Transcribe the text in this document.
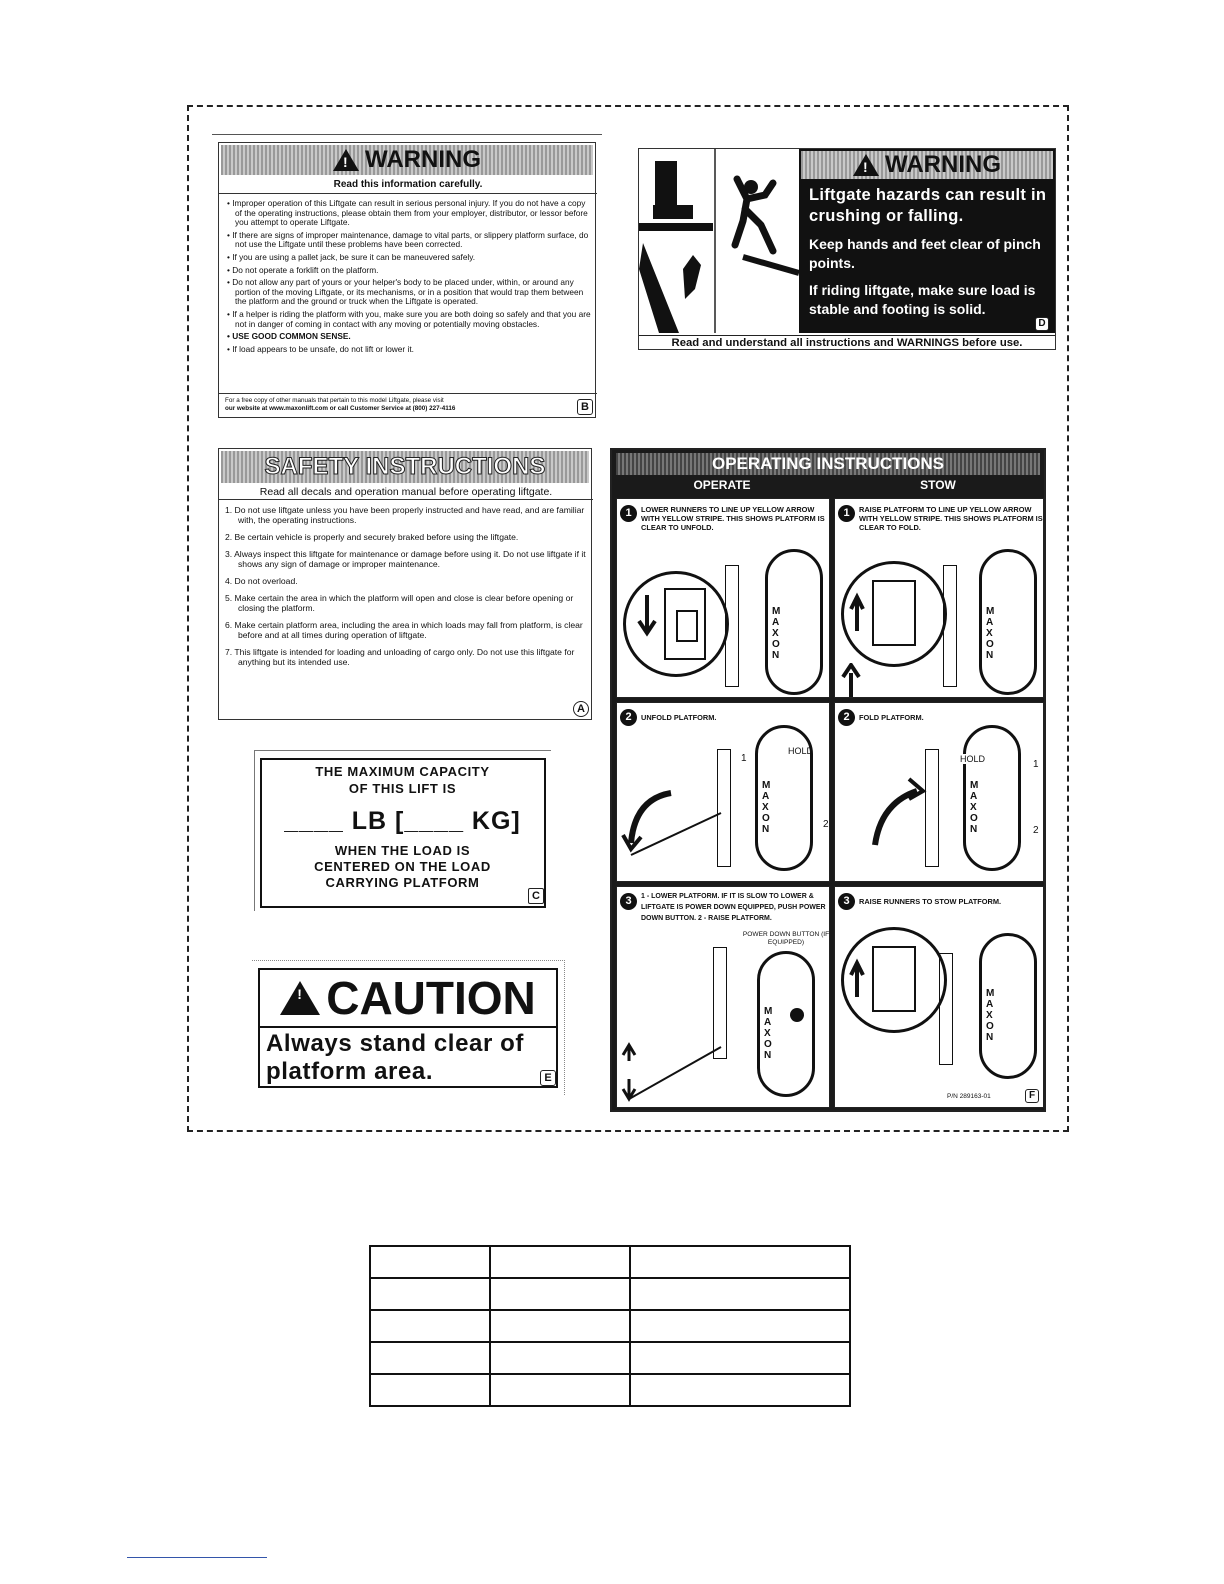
!
WARNING
Read this information carefully.
• Improper operation of this Liftgate can result in serious personal injury. If you do not have a copy of the operating instructions, please obtain them from your employer, distributor, or lessor before you attempt to operate Liftgate.
• If there are signs of improper maintenance, damage to vital parts, or slippery platform surface, do not use the Liftgate until these problems have been corrected.
• If you are using a pallet jack, be sure it can be maneuvered safely.
• Do not operate a forklift on the platform.
• Do not allow any part of yours or your helper's body to be placed under, within, or around any portion of the moving Liftgate, or its mechanisms, or in a position that would trap them between the platform and the ground or truck when the Liftgate is operated.
• If a helper is riding the platform with you, make sure you are both doing so safely and that you are not in danger of coming in contact with any moving or potentially moving obstacles.
• USE GOOD COMMON SENSE.
• If load appears to be unsafe, do not lift or lower it.
For a free copy of other manuals that pertain to this model Liftgate, please visit
our website at www.maxonlift.com or call Customer Service at (800) 227-4116	B
!
WARNING
Liftgate hazards can result in crushing or falling.
Keep hands and feet clear of pinch points.
If riding liftgate, make sure load is stable and footing is solid.
D
Read and understand all instructions and WARNINGS before use.
SAFETY INSTRUCTIONS
Read all decals and operation manual before operating liftgate.
1. Do not use liftgate unless you have been properly instructed and have read, and are familiar with, the operating instructions.
2. Be certain vehicle is properly and securely braked before using the liftgate.
3. Always inspect this liftgate for maintenance or damage before using it. Do not use liftgate if it shows any sign of damage or improper maintenance.
4. Do not overload.
5. Make certain the area in which the platform will open and close is clear before opening or closing the platform.
6. Make certain platform area, including the area in which loads may fall from platform, is clear before and at all times during operation of liftgate.
7. This liftgate is intended for loading and unloading of cargo only. Do not use this liftgate for anything but its intended use.
A
THE MAXIMUM CAPACITY
OF THIS LIFT IS
____ LB [____ KG]
WHEN THE LOAD IS
CENTERED ON THE LOAD
CARRYING PLATFORM
C
!
CAUTION
Always stand clear of
platform area.	E
OPERATING INSTRUCTIONS
OPERATE	STOW
1	LOWER RUNNERS TO LINE UP YELLOW ARROW WITH YELLOW STRIPE. THIS SHOWS PLATFORM IS CLEAR TO UNFOLD.
MAXON
1	RAISE PLATFORM TO LINE UP YELLOW ARROW WITH YELLOW STRIPE. THIS SHOWS PLATFORM IS CLEAR TO FOLD.
MAXON
2	UNFOLD PLATFORM.
1
2
HOLD
MAXON
2	FOLD PLATFORM.
1
2
HOLD
MAXON
3	1 - LOWER PLATFORM. IF IT IS SLOW TO LOWER & LIFTGATE IS POWER DOWN EQUIPPED, PUSH POWER DOWN BUTTON. 2 - RAISE PLATFORM.
POWER DOWN BUTTON (IF EQUIPPED)
MAXON
3	RAISE RUNNERS TO STOW PLATFORM.
MAXON
P/N 289163-01	F
